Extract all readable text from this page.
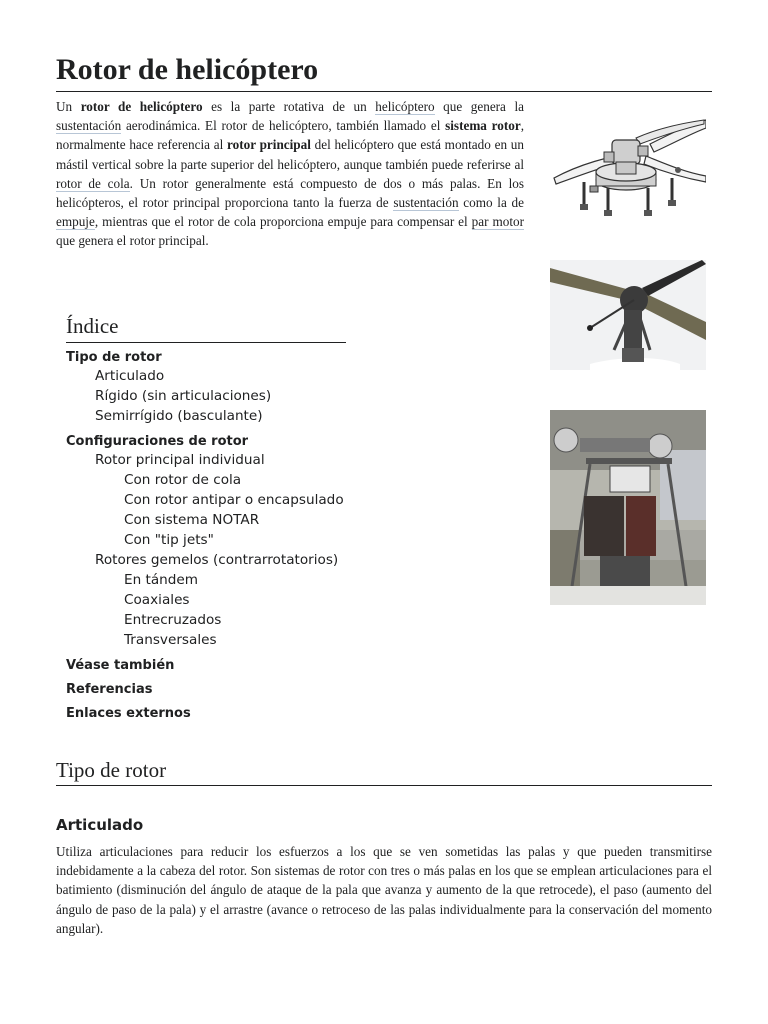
Rotor de helicóptero
Un rotor de helicóptero es la parte rotativa de un helicóptero que genera la sustentación aerodinámica. El rotor de helicóptero, también llamado el sistema rotor, normalmente hace referencia al rotor principal del helicóptero que está montado en un mástil vertical sobre la parte superior del helicóptero, aunque también puede referirse al rotor de cola. Un rotor generalmente está compuesto de dos o más palas. En los helicópteros, el rotor principal proporciona tanto la fuerza de sustentación como la de empuje, mientras que el rotor de cola proporciona empuje para compensar el par motor que genera el rotor principal.
Índice
Tipo de rotor
Articulado
Rígido (sin articulaciones)
Semirrígido (basculante)
Configuraciones de rotor
Rotor principal individual
Con rotor de cola
Con rotor antipar o encapsulado
Con sistema NOTAR
Con "tip jets"
Rotores gemelos (contrarrotatorios)
En tándem
Coaxiales
Entrecruzados
Transversales
Véase también
Referencias
Enlaces externos
Tipo de rotor
Articulado
Utiliza articulaciones para reducir los esfuerzos a los que se ven sometidas las palas y que pueden transmitirse indebidamente a la cabeza del rotor. Son sistemas de rotor con tres o más palas en los que se emplean articulaciones para el batimiento (disminución del ángulo de ataque de la pala que avanza y aumento de la que retrocede), el paso (aumento del ángulo de paso de la pala) y el arrastre (avance o retroceso de las palas individualmente para la conservación del momento angular).
